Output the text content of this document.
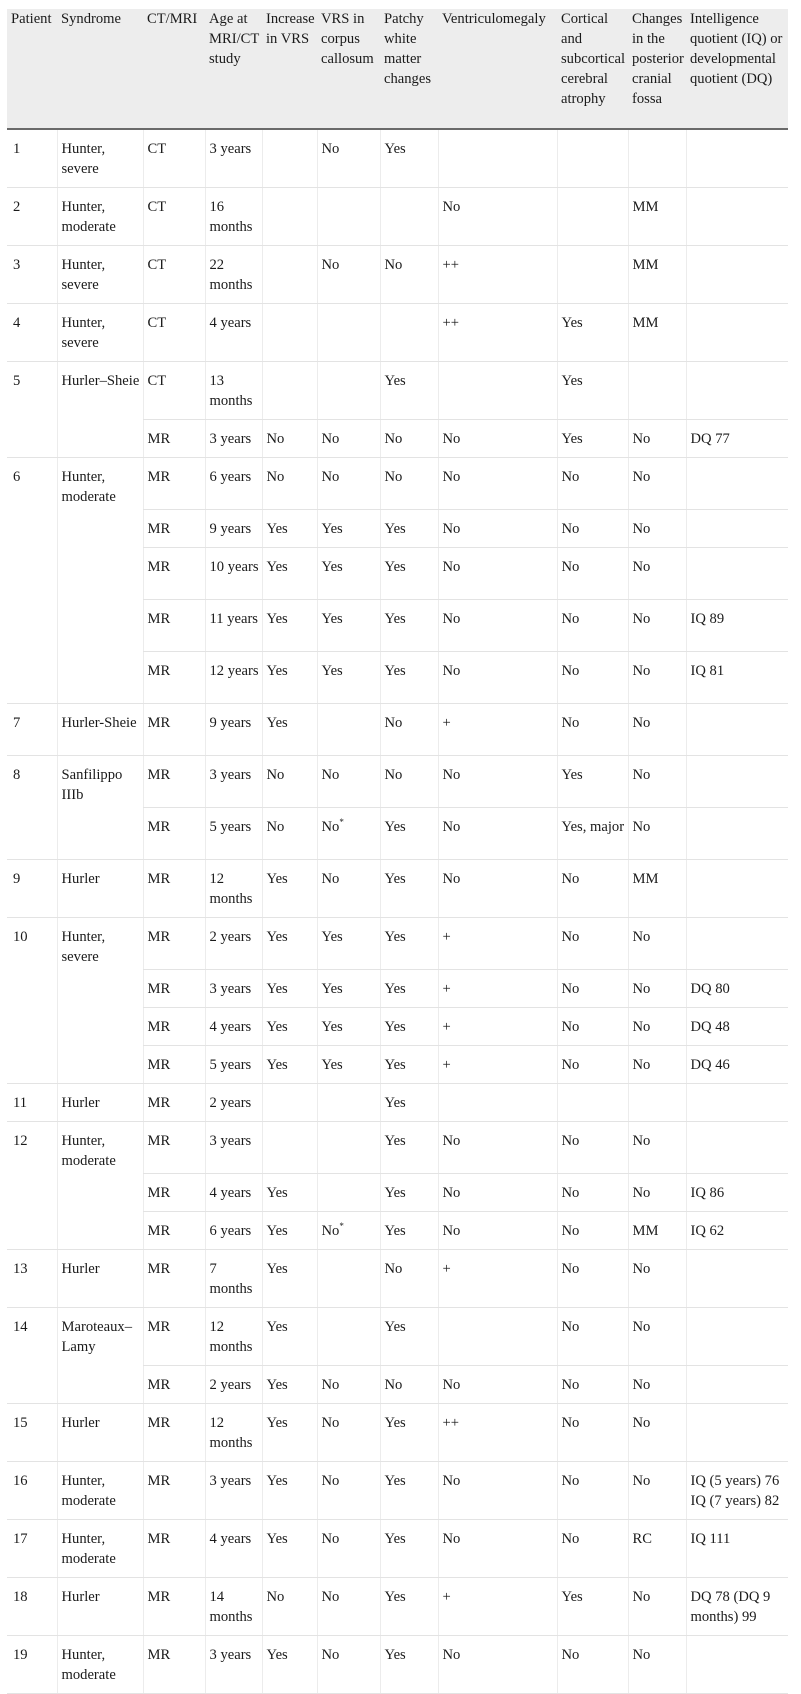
Patient	Syndrome	CT/MRI	Age at MRI/CT study	Increase in VRS	VRS in corpus callosum	Patchy white matter changes	Ventriculomegaly	Cortical and subcortical cerebral atrophy	Changes in the posterior cranial fossa	Intelligence quotient (IQ) or developmental quotient (DQ)
1	Hunter, severe	CT	3 years		No	Yes				
2	Hunter, moderate	CT	16 months				No		MM	
3	Hunter, severe	CT	22 months		No	No	++		MM	
4	Hunter, severe	CT	4 years				++	Yes	MM	
5	Hurler–Sheie	CT	13 months			Yes		Yes		
		MR	3 years	No	No	No	No	Yes	No	DQ 77
6	Hunter, moderate	MR	6 years	No	No	No	No	No	No	
		MR	9 years	Yes	Yes	Yes	No	No	No	
		MR	10 years	Yes	Yes	Yes	No	No	No	
		MR	11 years	Yes	Yes	Yes	No	No	No	IQ 89
		MR	12 years	Yes	Yes	Yes	No	No	No	IQ 81
7	Hurler-Sheie	MR	9 years	Yes		No	+	No	No	
8	Sanfilippo IIIb	MR	3 years	No	No	No	No	Yes	No	
		MR	5 years	No	No*	Yes	No	Yes, major	No	
9	Hurler	MR	12 months	Yes	No	Yes	No	No	MM	
10	Hunter, severe	MR	2 years	Yes	Yes	Yes	+	No	No	
		MR	3 years	Yes	Yes	Yes	+	No	No	DQ 80
		MR	4 years	Yes	Yes	Yes	+	No	No	DQ 48
		MR	5 years	Yes	Yes	Yes	+	No	No	DQ 46
11	Hurler	MR	2 years			Yes				
12	Hunter, moderate	MR	3 years			Yes	No	No	No	
		MR	4 years	Yes		Yes	No	No	No	IQ 86
		MR	6 years	Yes	No*	Yes	No	No	MM	IQ 62
13	Hurler	MR	7 months	Yes		No	+	No	No	
14	Maroteaux–Lamy	MR	12 months	Yes		Yes		No	No	
		MR	2 years	Yes	No	No	No	No	No	
15	Hurler	MR	12 months	Yes	No	Yes	++	No	No	
16	Hunter, moderate	MR	3 years	Yes	No	Yes	No	No	No	IQ (5 years) 76 IQ (7 years) 82
17	Hunter, moderate	MR	4 years	Yes	No	Yes	No	No	RC	IQ 111
18	Hurler	MR	14 months	No	No	Yes	+	Yes	No	DQ 78 (DQ 9 months) 99
19	Hunter, moderate	MR	3 years	Yes	No	Yes	No	No	No	
